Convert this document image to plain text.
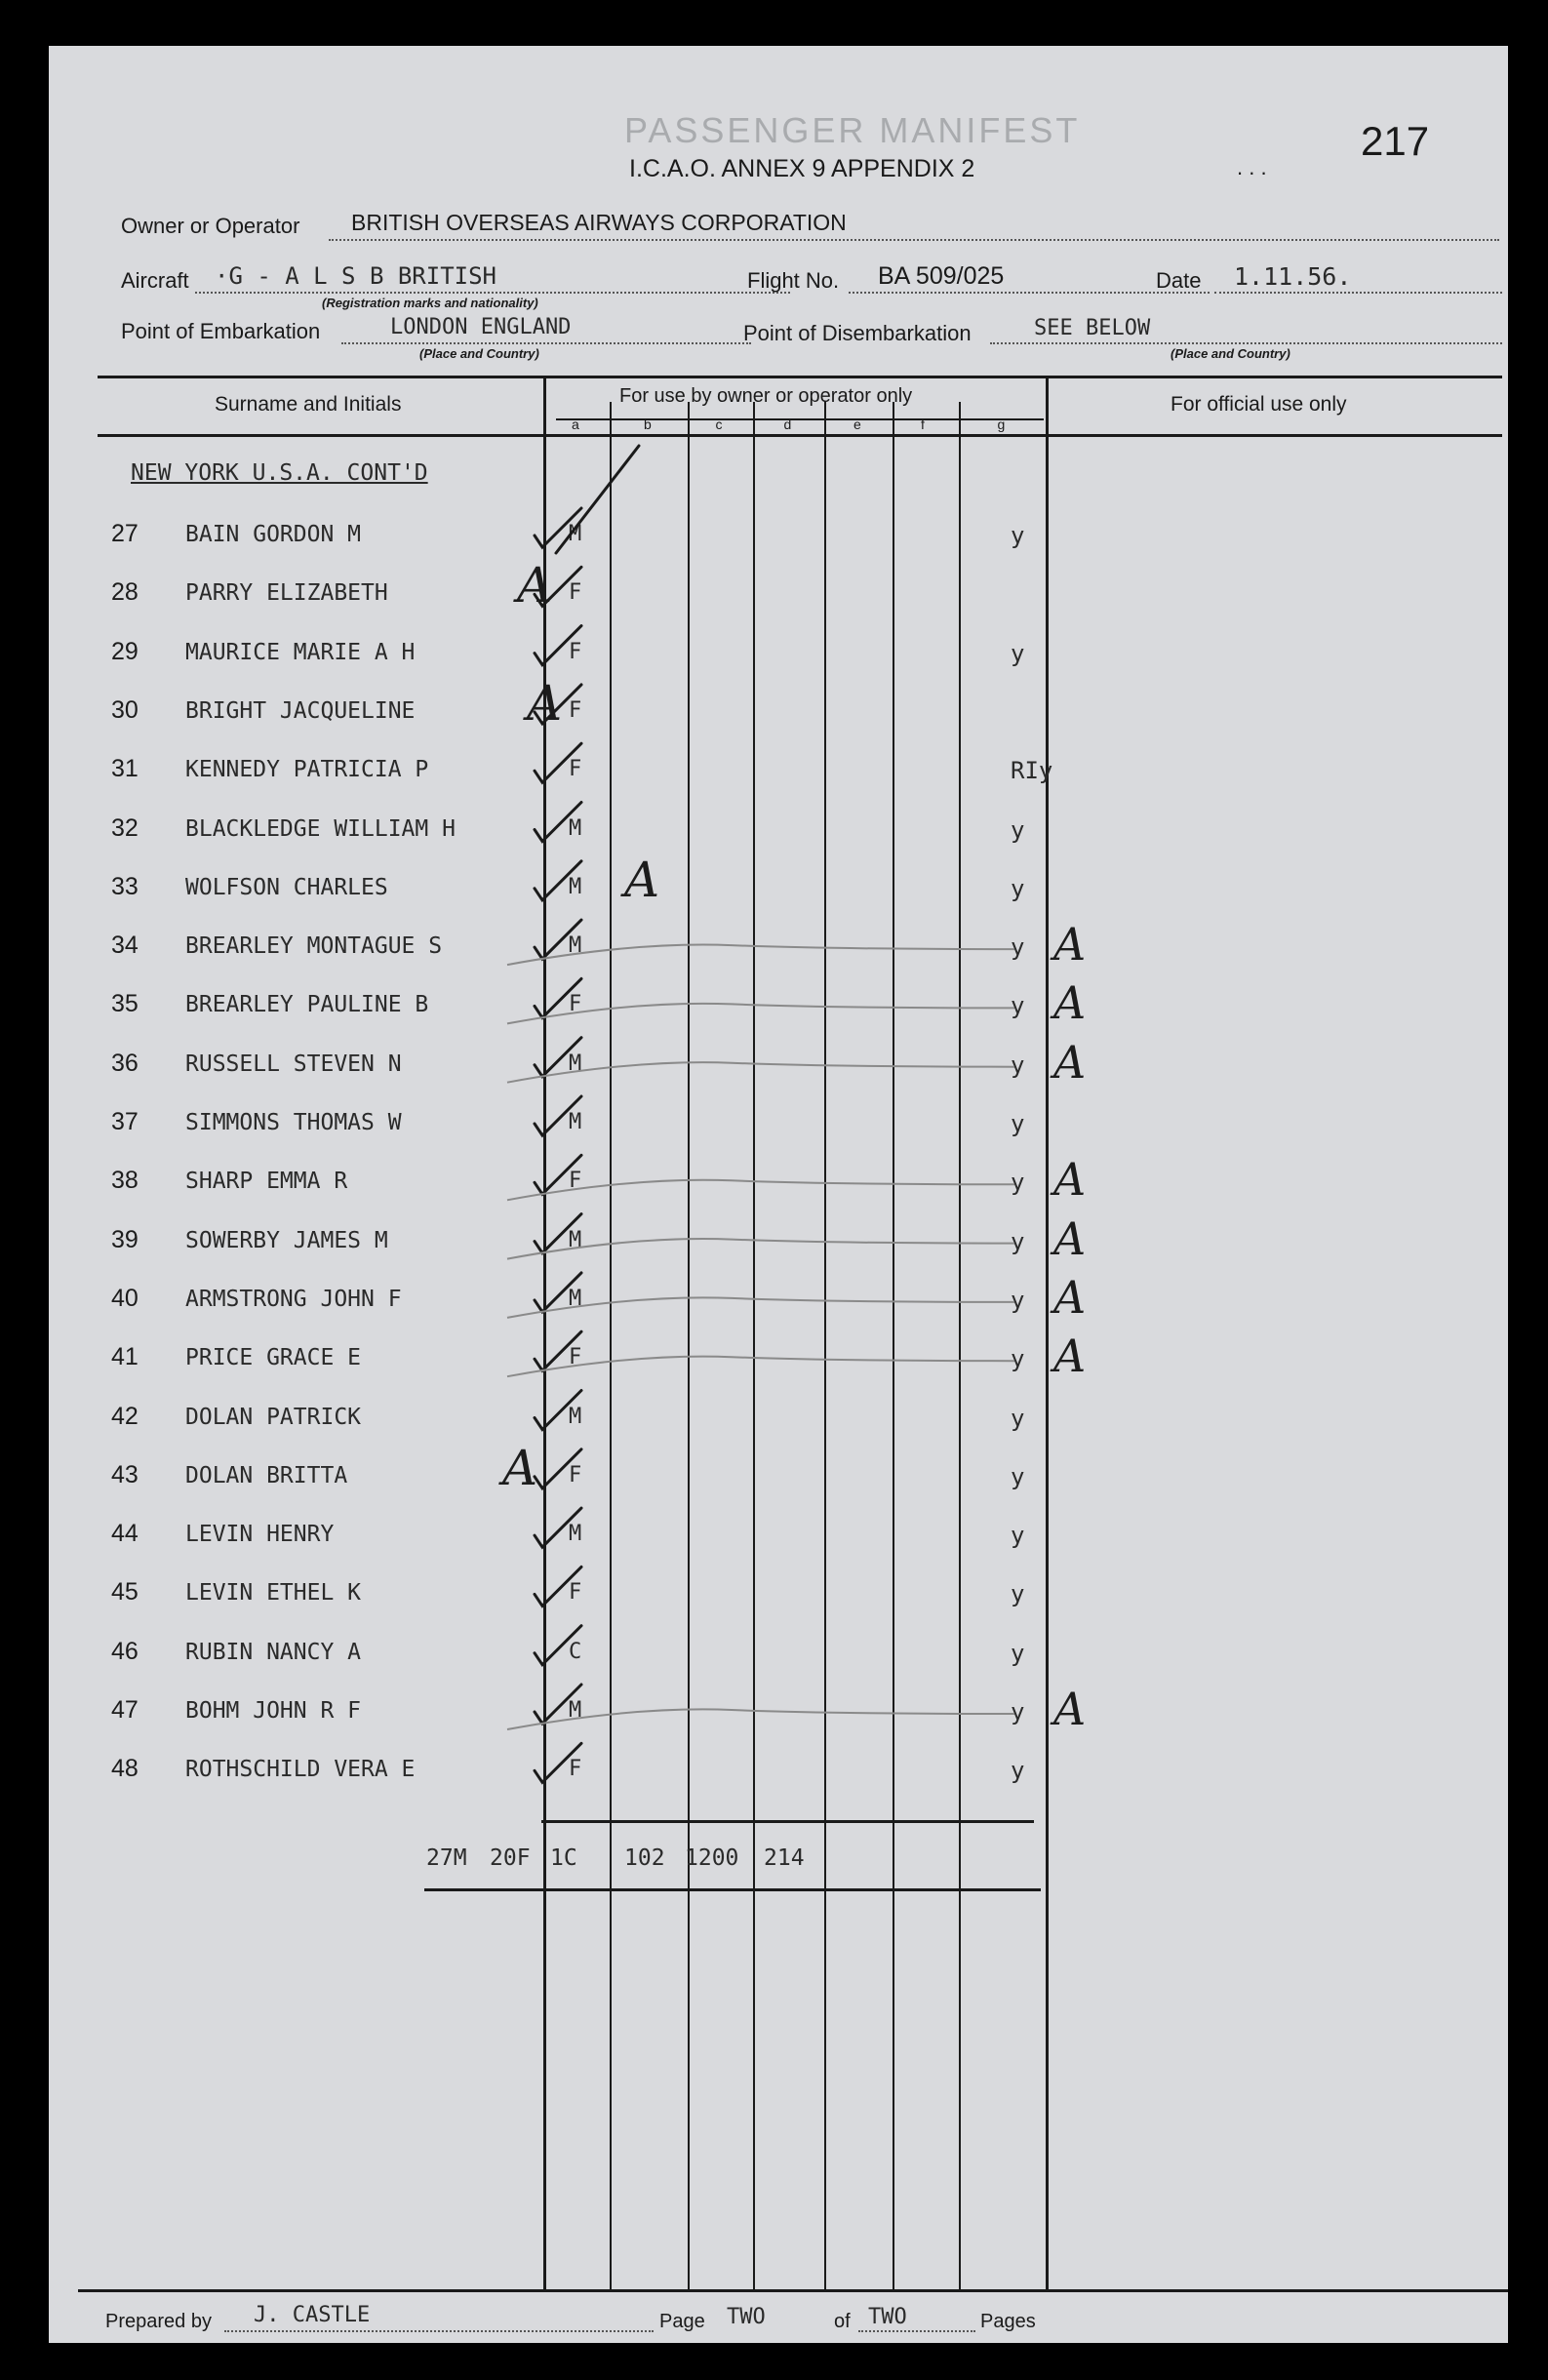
PASSENGER MANIFEST
I.C.A.O. ANNEX 9 APPENDIX 2	. . .
217
Owner or Operator BRITISH OVERSEAS AIRWAYS CORPORATION
Aircraft ·G - A L S B BRITISH
(Registration marks and nationality)
Flight No. BA 509/025	Date 1.11.56.
Point of Embarkation	LONDON ENGLAND
(Place and Country)
Point of Disembarkation	SEE BELOW
(Place and Country)
Surname and Initials	For use by owner or operator only	For official use only
a	b	c	d	e	f	g
NEW YORK U.S.A. CONT'D
27 BAIN GORDON M	M	y
28 PARRY ELIZABETH	F
29 MAURICE MARIE A H	F	y
30 BRIGHT JACQUELINE	F
31 KENNEDY PATRICIA P	F	RIy
32 BLACKLEDGE WILLIAM H	M	y
33 WOLFSON CHARLES	M	y
34 BREARLEY MONTAGUE S	M	y A
35 BREARLEY PAULINE B	F	y A
36 RUSSELL STEVEN N	M	y A
37 SIMMONS THOMAS W	M	y
38 SHARP EMMA R	F	y A
39 SOWERBY JAMES M	M	y A
40 ARMSTRONG JOHN F	M	y A
41 PRICE GRACE E	F	y A
42 DOLAN PATRICK	M	y
43 DOLAN BRITTA	F	y
44 LEVIN HENRY	M	y
45 LEVIN ETHEL K	F	y
46 RUBIN NANCY A	C	y
47 BOHM JOHN R F	M	y A
48 ROTHSCHILD VERA E	F	y
27M 20F 1C 102 1200 214
Prepared by J. CASTLE	Page TWO	of TWO	Pages
A
A
A
A
